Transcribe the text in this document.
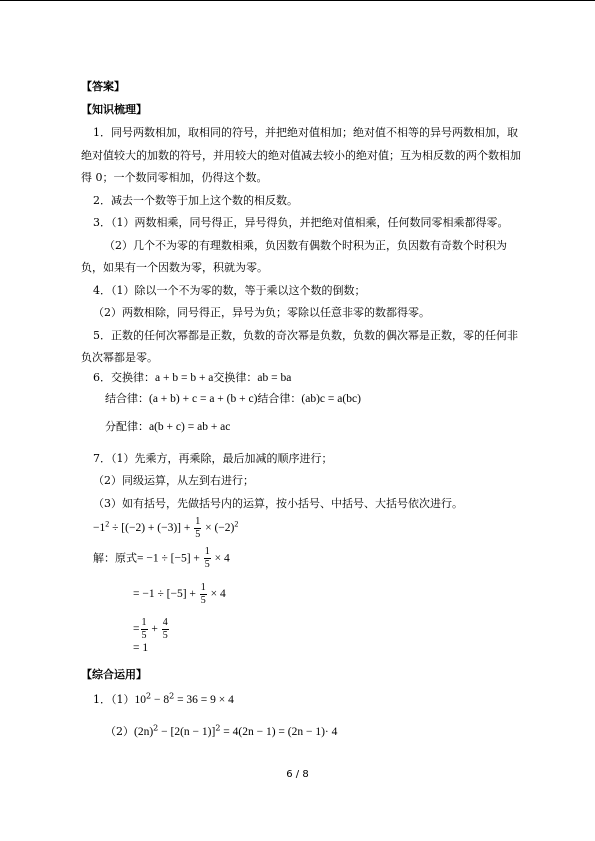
【答案】
【知识梳理】
1．同号两数相加，取相同的符号，并把绝对值相加；绝对值不相等的异号两数相加，取
绝对值较大的加数的符号，并用较大的绝对值减去较小的绝对值；互为相反数的两个数相加
得 0；一个数同零相加，仍得这个数。
2．减去一个数等于加上这个数的相反数。
3．（1）两数相乘，同号得正，异号得负，并把绝对值相乘，任何数同零相乘都得零。
（2）几个不为零的有理数相乘，负因数有偶数个时积为正，负因数有奇数个时积为
负，如果有一个因数为零，积就为零。
4．（1）除以一个不为零的数，等于乘以这个数的倒数；
（2）两数相除，同号得正，异号为负；零除以任意非零的数都得零。
5．正数的任何次幂都是正数，负数的奇次幂是负数，负数的偶次幂是正数，零的任何非
负次幂都是零。
6．交换律：a + b = b + a交换律：ab = ba
结合律：(a + b) + c = a + (b + c)结合律：(ab)c = a(bc)
分配律：a(b + c) = ab + ac
7．（1）先乘方，再乘除，最后加减的顺序进行；
（2）同级运算，从左到右进行；
（3）如有括号，先做括号内的运算，按小括号、中括号、大括号依次进行。
$-1^2 \div [(-2) + (-3)] + \frac{1}{5} \times (-2)^2$
解：原式= $-1 \div [-5] + \frac{1}{5} \times 4$
= $-1 \div [-5] + \frac{1}{5} \times 4$
= $\frac{1}{5} + \frac{4}{5}$
= 1
【综合运用】
1．$(1)10^2 - 8^2 = 36 = 9 \times 4$
$(2)(2n)^2 - [2(n - 1)]^2 = 4(2n - 1) = (2n - 1)\cdot 4$
6 / 8
